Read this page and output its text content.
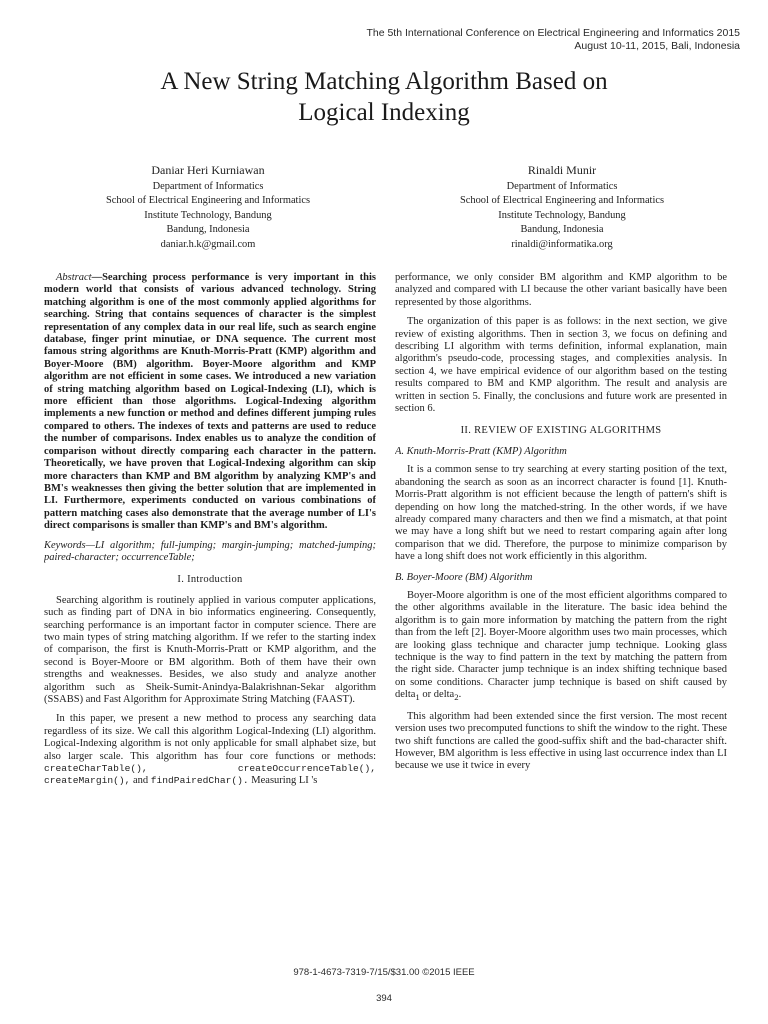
The 5th International Conference on Electrical Engineering and Informatics 2015
August 10-11, 2015, Bali, Indonesia
A New String Matching Algorithm Based on
Logical Indexing
Daniar Heri Kurniawan
Department of Informatics
School of Electrical Engineering and Informatics
Institute Technology, Bandung
Bandung, Indonesia
daniar.h.k@gmail.com
Rinaldi Munir
Department of Informatics
School of Electrical Engineering and Informatics
Institute Technology, Bandung
Bandung, Indonesia
rinaldi@informatika.org

Abstract—Searching process performance is very important in this modern world that consists of various advanced technology. String matching algorithm is one of the most commonly applied algorithms for searching. String that contains sequences of character is the simplest representation of any complex data in our real life, such as search engine database, finger print minutiae, or DNA sequence. The current most famous string algorithms are Knuth-Morris-Pratt (KMP) algorithm and Boyer-Moore (BM) algorithm. Boyer-Moore algorithm and KMP algorithm are not efficient in some cases. We introduced a new variation of string matching algorithm based on Logical-Indexing (LI), which is more efficient than those algorithms. Logical-Indexing algorithm implements a new function or method and defines different jumping rules compared to others. The indexes of texts and patterns are used to reduce the number of comparisons. Index enables us to analyze the condition of comparison without directly comparing each character in the pattern. Theoretically, we have proven that Logical-Indexing algorithm can skip more characters than KMP and BM algorithm by analyzing KMP's and BM's weaknesses then giving the better solution that are implemented in LI. Furthermore, experiments conducted on various combinations of pattern matching cases also demonstrate that the average number of LI's direct comparisons is smaller than KMP's and BM's algorithm.

Keywords—LI algorithm; full-jumping; margin-jumping; matched-jumping; paired-character; occurrenceTable;

I. Introduction

Searching algorithm is routinely applied in various computer applications, such as finding part of DNA in bio informatics engineering. Consequently, searching performance is an important factor in computer science. There are two main types of string matching algorithm. If we refer to the starting index of comparison, the first is Knuth-Morris-Pratt or KMP algorithm, and the second is Boyer-Moore or BM algorithm. Both of them have their own strengths and weaknesses. Besides, we also study and analyze another algorithm such as Sheik-Sumit-Anindya-Balakrishnan-Sekar algorithm (SSABS) and Fast Algorithm for Approximate String Matching (FAAST).

In this paper, we present a new method to process any searching data regardless of its size. We call this algorithm Logical-Indexing (LI) algorithm. Logical-Indexing algorithm is not only applicable for small alphabet size, but also larger scale. This algorithm has four core functions or methods: createCharTable(),	createOccurrenceTable(), createMargin(), and findPairedChar(). Measuring LI 's

performance, we only consider BM algorithm and KMP algorithm to be analyzed and compared with LI because the other variant basically have been represented by those algorithms.

The organization of this paper is as follows: in the next section, we give review of existing algorithms. Then in section 3, we focus on defining and describing LI algorithm with terms definition, informal explanation, main algorithm's pseudo-code, processing stages, and complexities analysis. In section 4, we have empirical evidence of our algorithm based on the testing results compared to BM and KMP algorithm. The result and analysis are written in section 5. Finally, the conclusions and future work are presented in section 6.

II. REVIEW OF EXISTING ALGORITHMS
A. Knuth-Morris-Pratt (KMP) Algorithm

It is a common sense to try searching at every starting position of the text, abandoning the search as soon as an incorrect character is found [1]. Knuth-Morris-Pratt algorithm is not efficient because the length of pattern's shift is depending on how long the matched-string. In the other words, if we have already compared many characters and then we find a mismatch, at that point we may have a long shift but we need to restart comparing again after long comparison that we did. Therefore, the purpose to minimize comparison by have a long shift does not work efficiently in this algorithm.

B. Boyer-Moore (BM) Algorithm

Boyer-Moore algorithm is one of the most efficient algorithms compared to the other algorithms available in the literature. The basic idea behind the algorithm is to gain more information by matching the pattern from the right than from the left [2]. Boyer-Moore algorithm uses two main processes, which are looking glass technique and character jump technique. Looking glass technique is the way to find pattern in the text by matching the pattern from the right side. Character jump technique is an index shifting technique based on some conditions. Character jump technique is based on shift caused by delta$_1$ or delta$_2$.

This algorithm had been extended since the first version. The most recent version uses two precomputed functions to shift the window to the right. These two shift functions are called the good-suffix shift and the bad-character shift. However, BM algorithm is less effective in using last occurrence index than LI because we use it twice in every

978-1-4673-7319-7/15/$31.00 ©2015 IEEE
394
